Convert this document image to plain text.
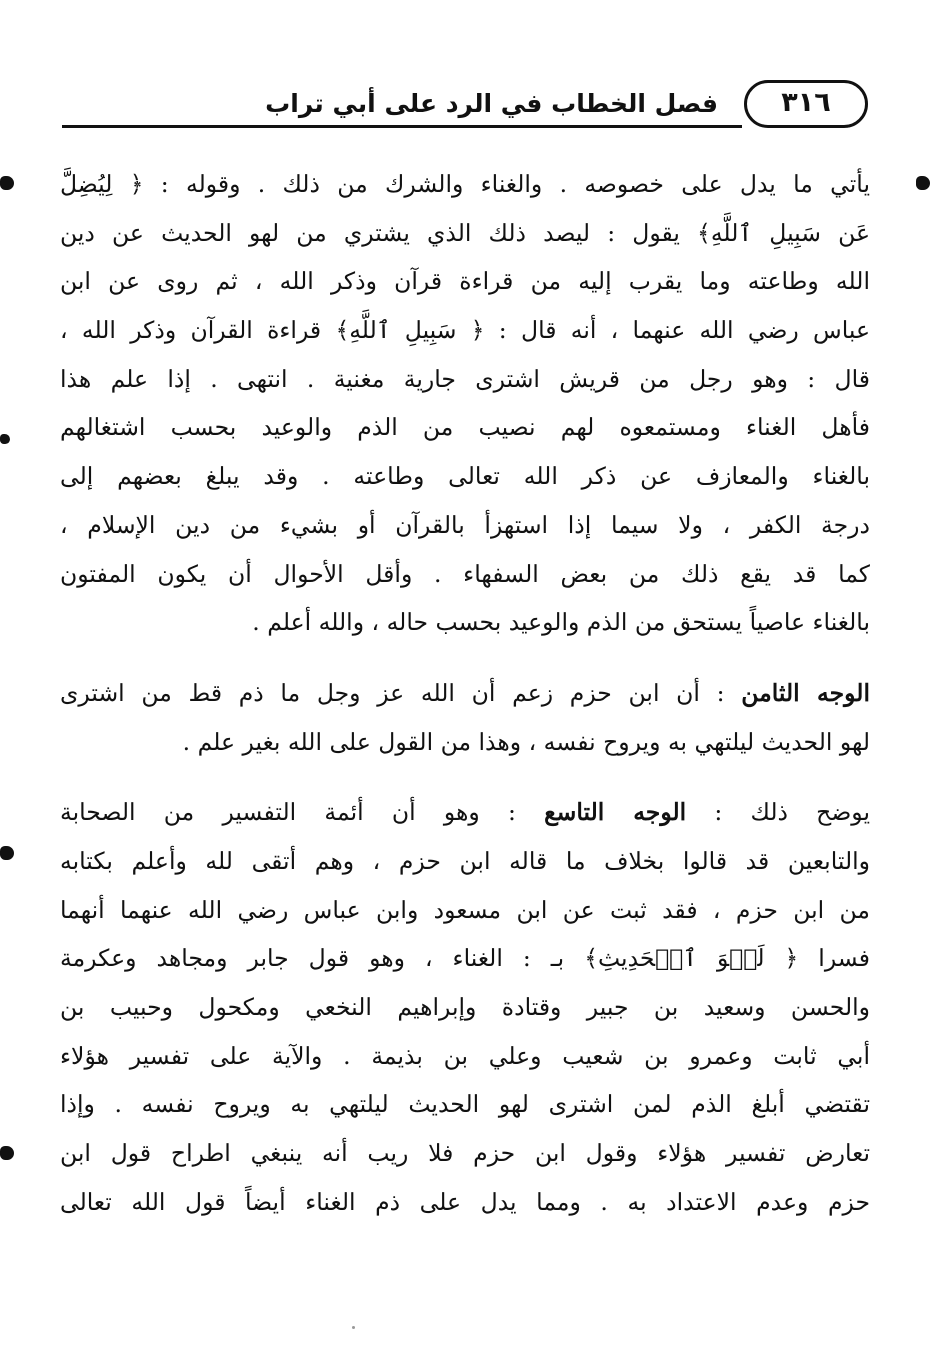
٣١٦
فصل الخطاب في الرد على أبي تراب
يأتي ما يدل على خصوصه . والغناء والشرك من ذلك . وقوله : ﴿ لِيُضِلَّ
عَن سَبِيلِ ٱللَّهِ﴾ يقول : ليصد ذلك الذي يشتري من لهو الحديث عن دين
الله وطاعته وما يقرب إليه من قراءة قرآن وذكر الله ، ثم روى عن ابن
عباس رضي الله عنهما ، أنه قال : ﴿ سَبِيلِ ٱللَّهِ﴾ قراءة القرآن وذكر الله ،
قال : وهو رجل من قريش اشترى جارية مغنية . انتهى . إذا علم هذا
فأهل الغناء ومستمعوه لهم نصيب من الذم والوعيد بحسب اشتغالهم
بالغناء والمعازف عن ذكر الله تعالى وطاعته . وقد يبلغ بعضهم إلى
درجة الكفر ، ولا سيما إذا استهزأ بالقرآن أو بشيء من دين الإسلام ،
كما قد يقع ذلك من بعض السفهاء . وأقل الأحوال أن يكون المفتون
بالغناء عاصياً يستحق من الذم والوعيد بحسب حاله ، والله أعلم .
الوجه الثامن : أن ابن حزم زعم أن الله عز وجل ما ذم قط من اشترى
لهو الحديث ليلتهي به ويروح نفسه ، وهذا من القول على الله بغير علم .
يوضح ذلك : الوجه التاسع : وهو أن أئمة التفسير من الصحابة
والتابعين قد قالوا بخلاف ما قاله ابن حزم ، وهم أتقى لله وأعلم بكتابه
من ابن حزم ، فقد ثبت عن ابن مسعود وابن عباس رضي الله عنهما أنهما
فسرا ﴿ لَهۡوَ ٱلۡحَدِيثِ﴾ بـ : الغناء ، وهو قول جابر ومجاهد وعكرمة
والحسن وسعيد بن جبير وقتادة وإبراهيم النخعي ومكحول وحبيب بن
أبي ثابت وعمرو بن شعيب وعلي بن بذيمة . والآية على تفسير هؤلاء
تقتضي أبلغ الذم لمن اشترى لهو الحديث ليلتهي به ويروح نفسه . وإذا
تعارض تفسير هؤلاء وقول ابن حزم فلا ريب أنه ينبغي اطراح قول ابن
حزم وعدم الاعتداد به . ومما يدل على ذم الغناء أيضاً قول الله تعالى
